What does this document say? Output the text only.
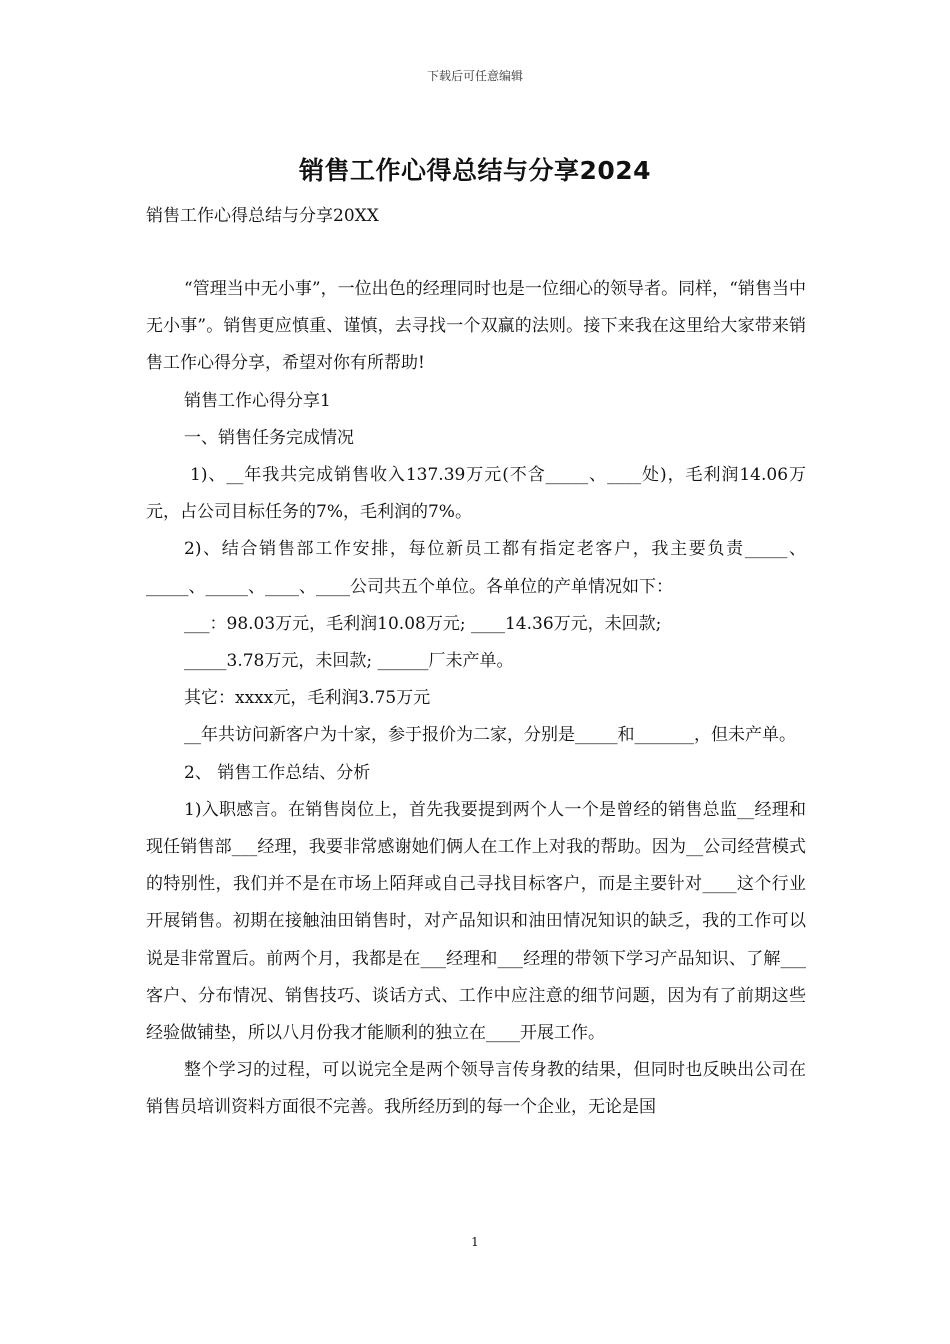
下载后可任意编辑
销售工作心得总结与分享2024
销售工作心得总结与分享20XX

“管理当中无小事”，一位出色的经理同时也是一位细心的领导者。同样，“销售当中无小事”。销售更应慎重、谨慎，去寻找一个双赢的法则。接下来我在这里给大家带来销售工作心得分享，希望对你有所帮助!

销售工作心得分享1

一、销售任务完成情况

1)、__年我共完成销售收入137.39万元(不含_____、____处)，毛利润14.06万元，占公司目标任务的7%，毛利润的7%。

2)、结合销售部工作安排，每位新员工都有指定老客户，我主要负责_____、_____、_____、____、____公司共五个单位。各单位的产单情况如下：

___：98.03万元，毛利润10.08万元; ____14.36万元，未回款;

_____3.78万元，未回款; ______厂未产单。

其它：xxxx元，毛利润3.75万元

__年共访问新客户为十家，参于报价为二家，分别是_____和_______，但未产单。

2、 销售工作总结、分析

1)入职感言。在销售岗位上，首先我要提到两个人一个是曾经的销售总监__经理和现任销售部___经理，我要非常感谢她们俩人在工作上对我的帮助。因为__公司经营模式的特别性，我们并不是在市场上陌拜或自己寻找目标客户，而是主要针对____这个行业开展销售。初期在接触油田销售时，对产品知识和油田情况知识的缺乏，我的工作可以说是非常置后。前两个月，我都是在___经理和___经理的带领下学习产品知识、了解___客户、分布情况、销售技巧、谈话方式、工作中应注意的细节问题，因为有了前期这些经验做铺垫，所以八月份我才能顺利的独立在____开展工作。

整个学习的过程，可以说完全是两个领导言传身教的结果，但同时也反映出公司在销售员培训资料方面很不完善。我所经历到的每一个企业，无论是国

1
